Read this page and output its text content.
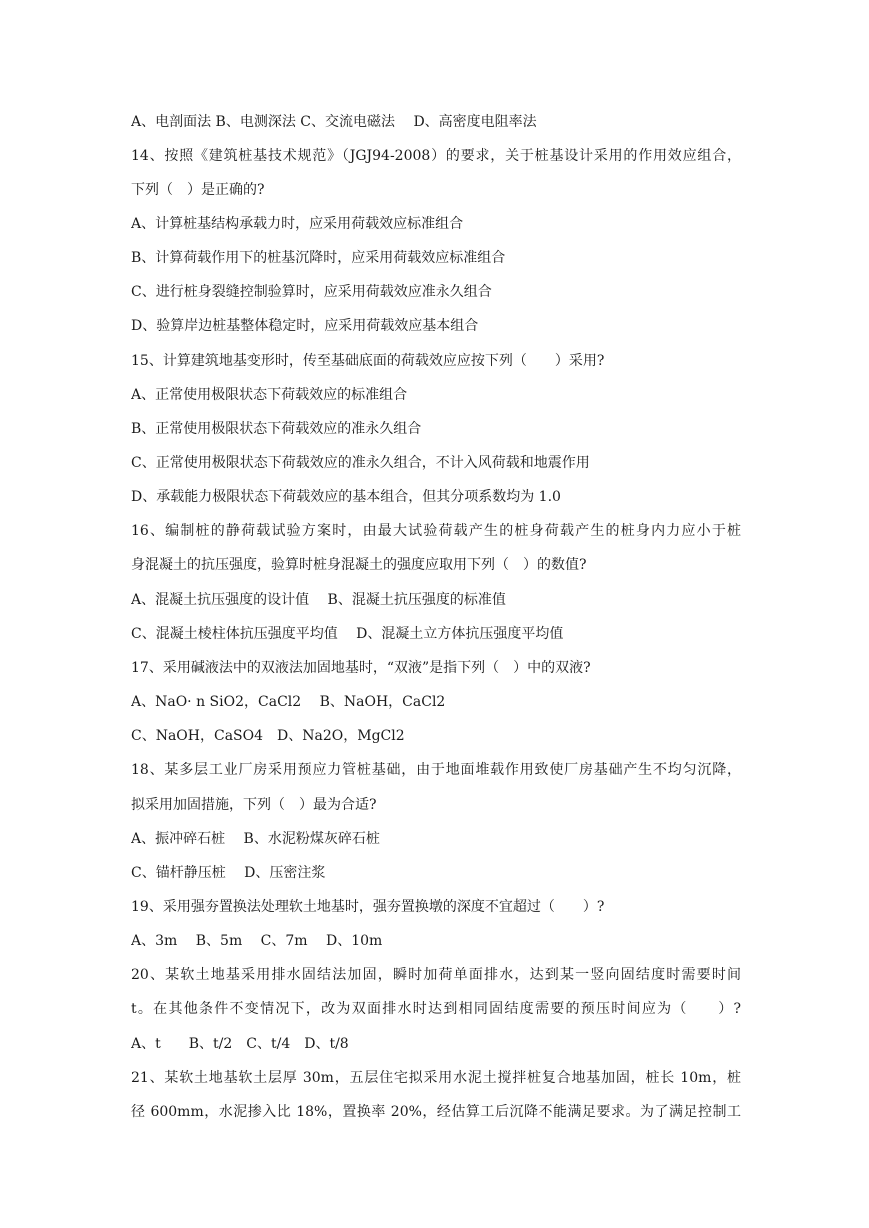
A、电剖面法 B、电测深法 C、交流电磁法　 D、高密度电阻率法
14、按照《建筑桩基技术规范》（JGJ94-2008）的要求，关于桩基设计采用的作用效应组合，
下列（　）是正确的?
A、计算桩基结构承载力时，应采用荷载效应标准组合
B、计算荷载作用下的桩基沉降时，应采用荷载效应标准组合
C、进行桩身裂缝控制验算时，应采用荷载效应准永久组合
D、验算岸边桩基整体稳定时，应采用荷载效应基本组合
15、计算建筑地基变形时，传至基础底面的荷载效应应按下列（　　）采用?
A、正常使用极限状态下荷载效应的标准组合
B、正常使用极限状态下荷载效应的准永久组合
C、正常使用极限状态下荷载效应的准永久组合，不计入风荷载和地震作用
D、承载能力极限状态下荷载效应的基本组合，但其分项系数均为 1.0
16、编制桩的静荷载试验方案时，由最大试验荷载产生的桩身荷载产生的桩身内力应小于桩
身混凝土的抗压强度，验算时桩身混凝土的强度应取用下列（　）的数值?
A、混凝土抗压强度的设计值　 B、混凝土抗压强度的标准值
C、混凝土棱柱体抗压强度平均值　 D、混凝土立方体抗压强度平均值
17、采用碱液法中的双液法加固地基时，“双液”是指下列（　）中的双液?
A、NaO· n SiO2，CaCl2　 B、NaOH，CaCl2
C、NaOH，CaSO4　D、Na2O，MgCl2
18、某多层工业厂房采用预应力管桩基础，由于地面堆载作用致使厂房基础产生不均匀沉降，
拟采用加固措施，下列（　）最为合适?
A、振冲碎石桩　 B、水泥粉煤灰碎石桩
C、锚杆静压桩　 D、压密注浆
19、采用强夯置换法处理软土地基时，强夯置换墩的深度不宜超过（　　）?
A、3m　 B、5m　 C、7m　 D、10m
20、某软土地基采用排水固结法加固，瞬时加荷单面排水，达到某一竖向固结度时需要时间
t。在其他条件不变情况下，改为双面排水时达到相同固结度需要的预压时间应为（　　）?
A、t　　B、t/2　C、t/4　D、t/8
21、某软土地基软土层厚 30m，五层住宅拟采用水泥土搅拌桩复合地基加固，桩长 10m，桩
径 600mm，水泥掺入比 18%，置换率 20%，经估算工后沉降不能满足要求。为了满足控制工
